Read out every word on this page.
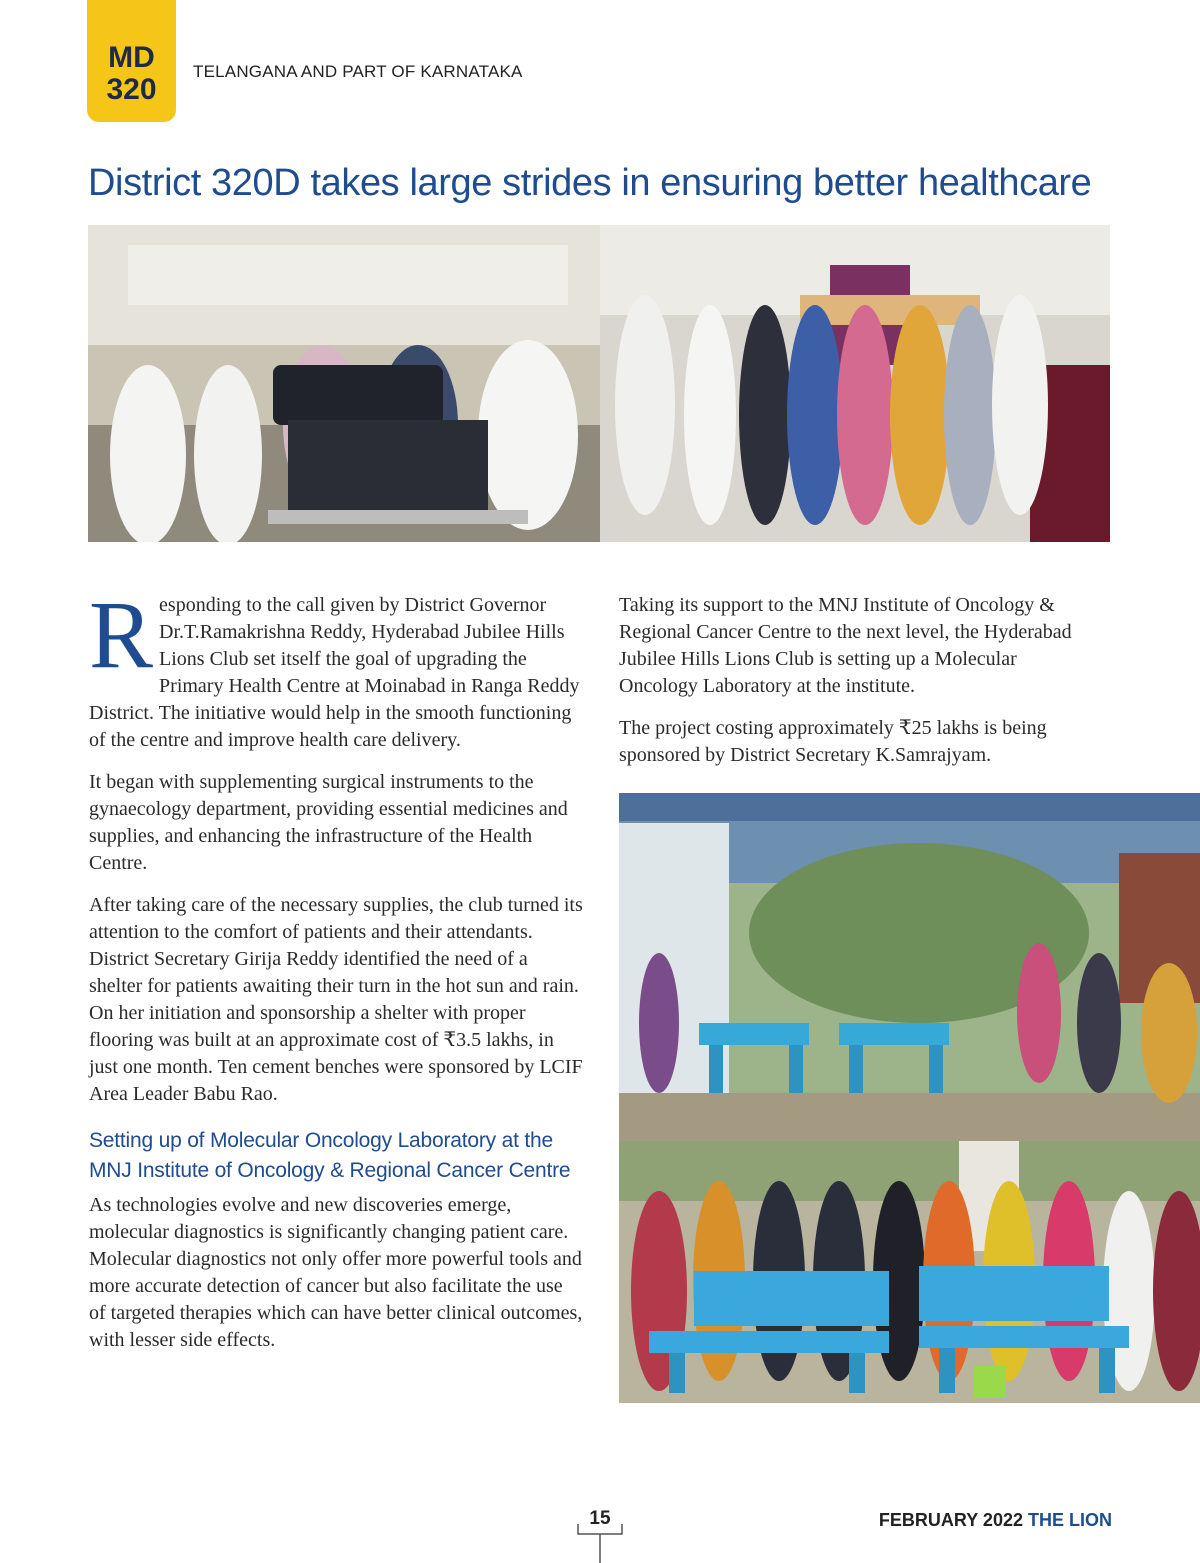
MD
320
TELANGANA AND PART OF KARNATAKA
District 320D takes large strides in ensuring better healthcare

Responding to the call given by District Governor Dr.T.Ramakrishna Reddy, Hyderabad Jubilee Hills Lions Club set itself the goal of upgrading the Primary Health Centre at Moinabad in Ranga Reddy District. The initiative would help in the smooth functioning of the centre and improve health care delivery.

It began with supplementing surgical instruments to the gynaecology department, providing essential medicines and supplies, and enhancing the infrastructure of the Health Centre.

After taking care of the necessary supplies, the club turned its attention to the comfort of patients and their attendants. District Secretary Girija Reddy identified the need of a shelter for patients awaiting their turn in the hot sun and rain. On her initiation and sponsorship a shelter with proper flooring was built at an approximate cost of ₹3.5 lakhs, in just one month. Ten cement benches were sponsored by LCIF Area Leader Babu Rao.

Setting up of Molecular Oncology Laboratory at the MNJ Institute of Oncology & Regional Cancer Centre

As technologies evolve and new discoveries emerge, molecular diagnostics is significantly changing patient care. Molecular diagnostics not only offer more powerful tools and more accurate detection of cancer but also facilitate the use of targeted therapies which can have better clinical outcomes, with lesser side effects.

Taking its support to the MNJ Institute of Oncology & Regional Cancer Centre to the next level, the Hyderabad Jubilee Hills Lions Club is setting up a Molecular Oncology Laboratory at the institute.

The project costing approximately ₹25 lakhs is being sponsored by District Secretary K.Samrajyam.

15	FEBRUARY 2022 THE LION
